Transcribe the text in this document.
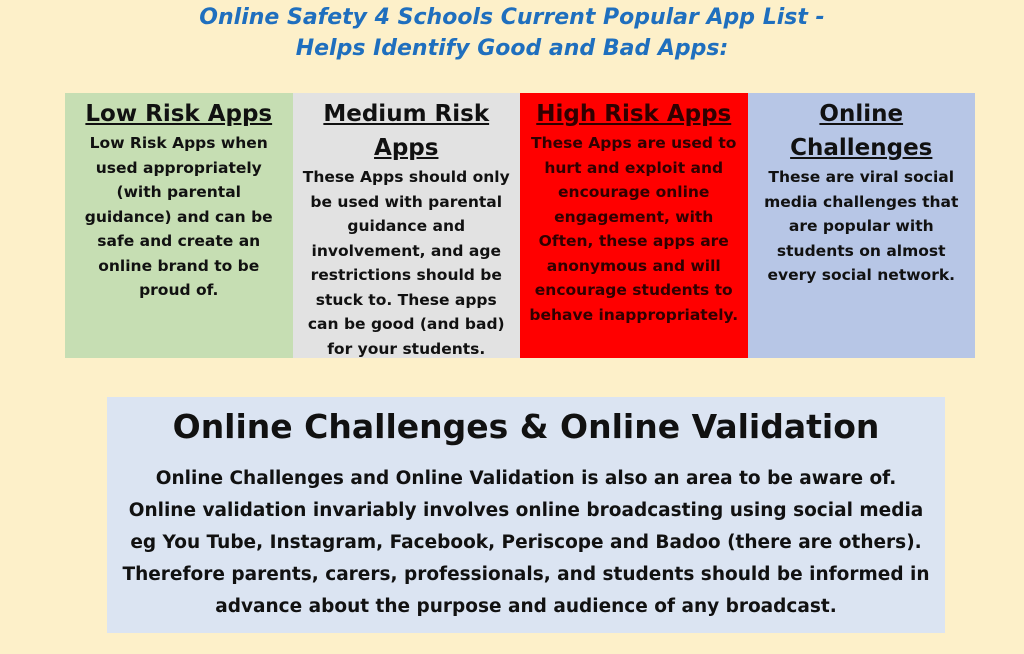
Online Safety 4 Schools Current Popular App List -
Helps Identify Good and Bad Apps:
Low Risk Apps
Low Risk Apps when used appropriately (with parental guidance) and can be safe and create an online brand to be proud of.
Medium Risk Apps
These Apps should only be used with parental guidance and involvement, and age restrictions should be stuck to. These apps can be good (and bad) for your students.
High Risk Apps
These Apps are used to hurt and exploit and encourage online engagement, with Often, these apps are anonymous and will encourage students to behave inappropriately.
Online Challenges
These are viral social media challenges that are popular with students on almost every social network.
Online Challenges & Online Validation
Online Challenges and Online Validation is also an area to be aware of. Online validation invariably involves online broadcasting using social media eg You Tube, Instagram, Facebook, Periscope and Badoo (there are others). Therefore parents, carers, professionals, and students should be informed in advance about the purpose and audience of any broadcast.
